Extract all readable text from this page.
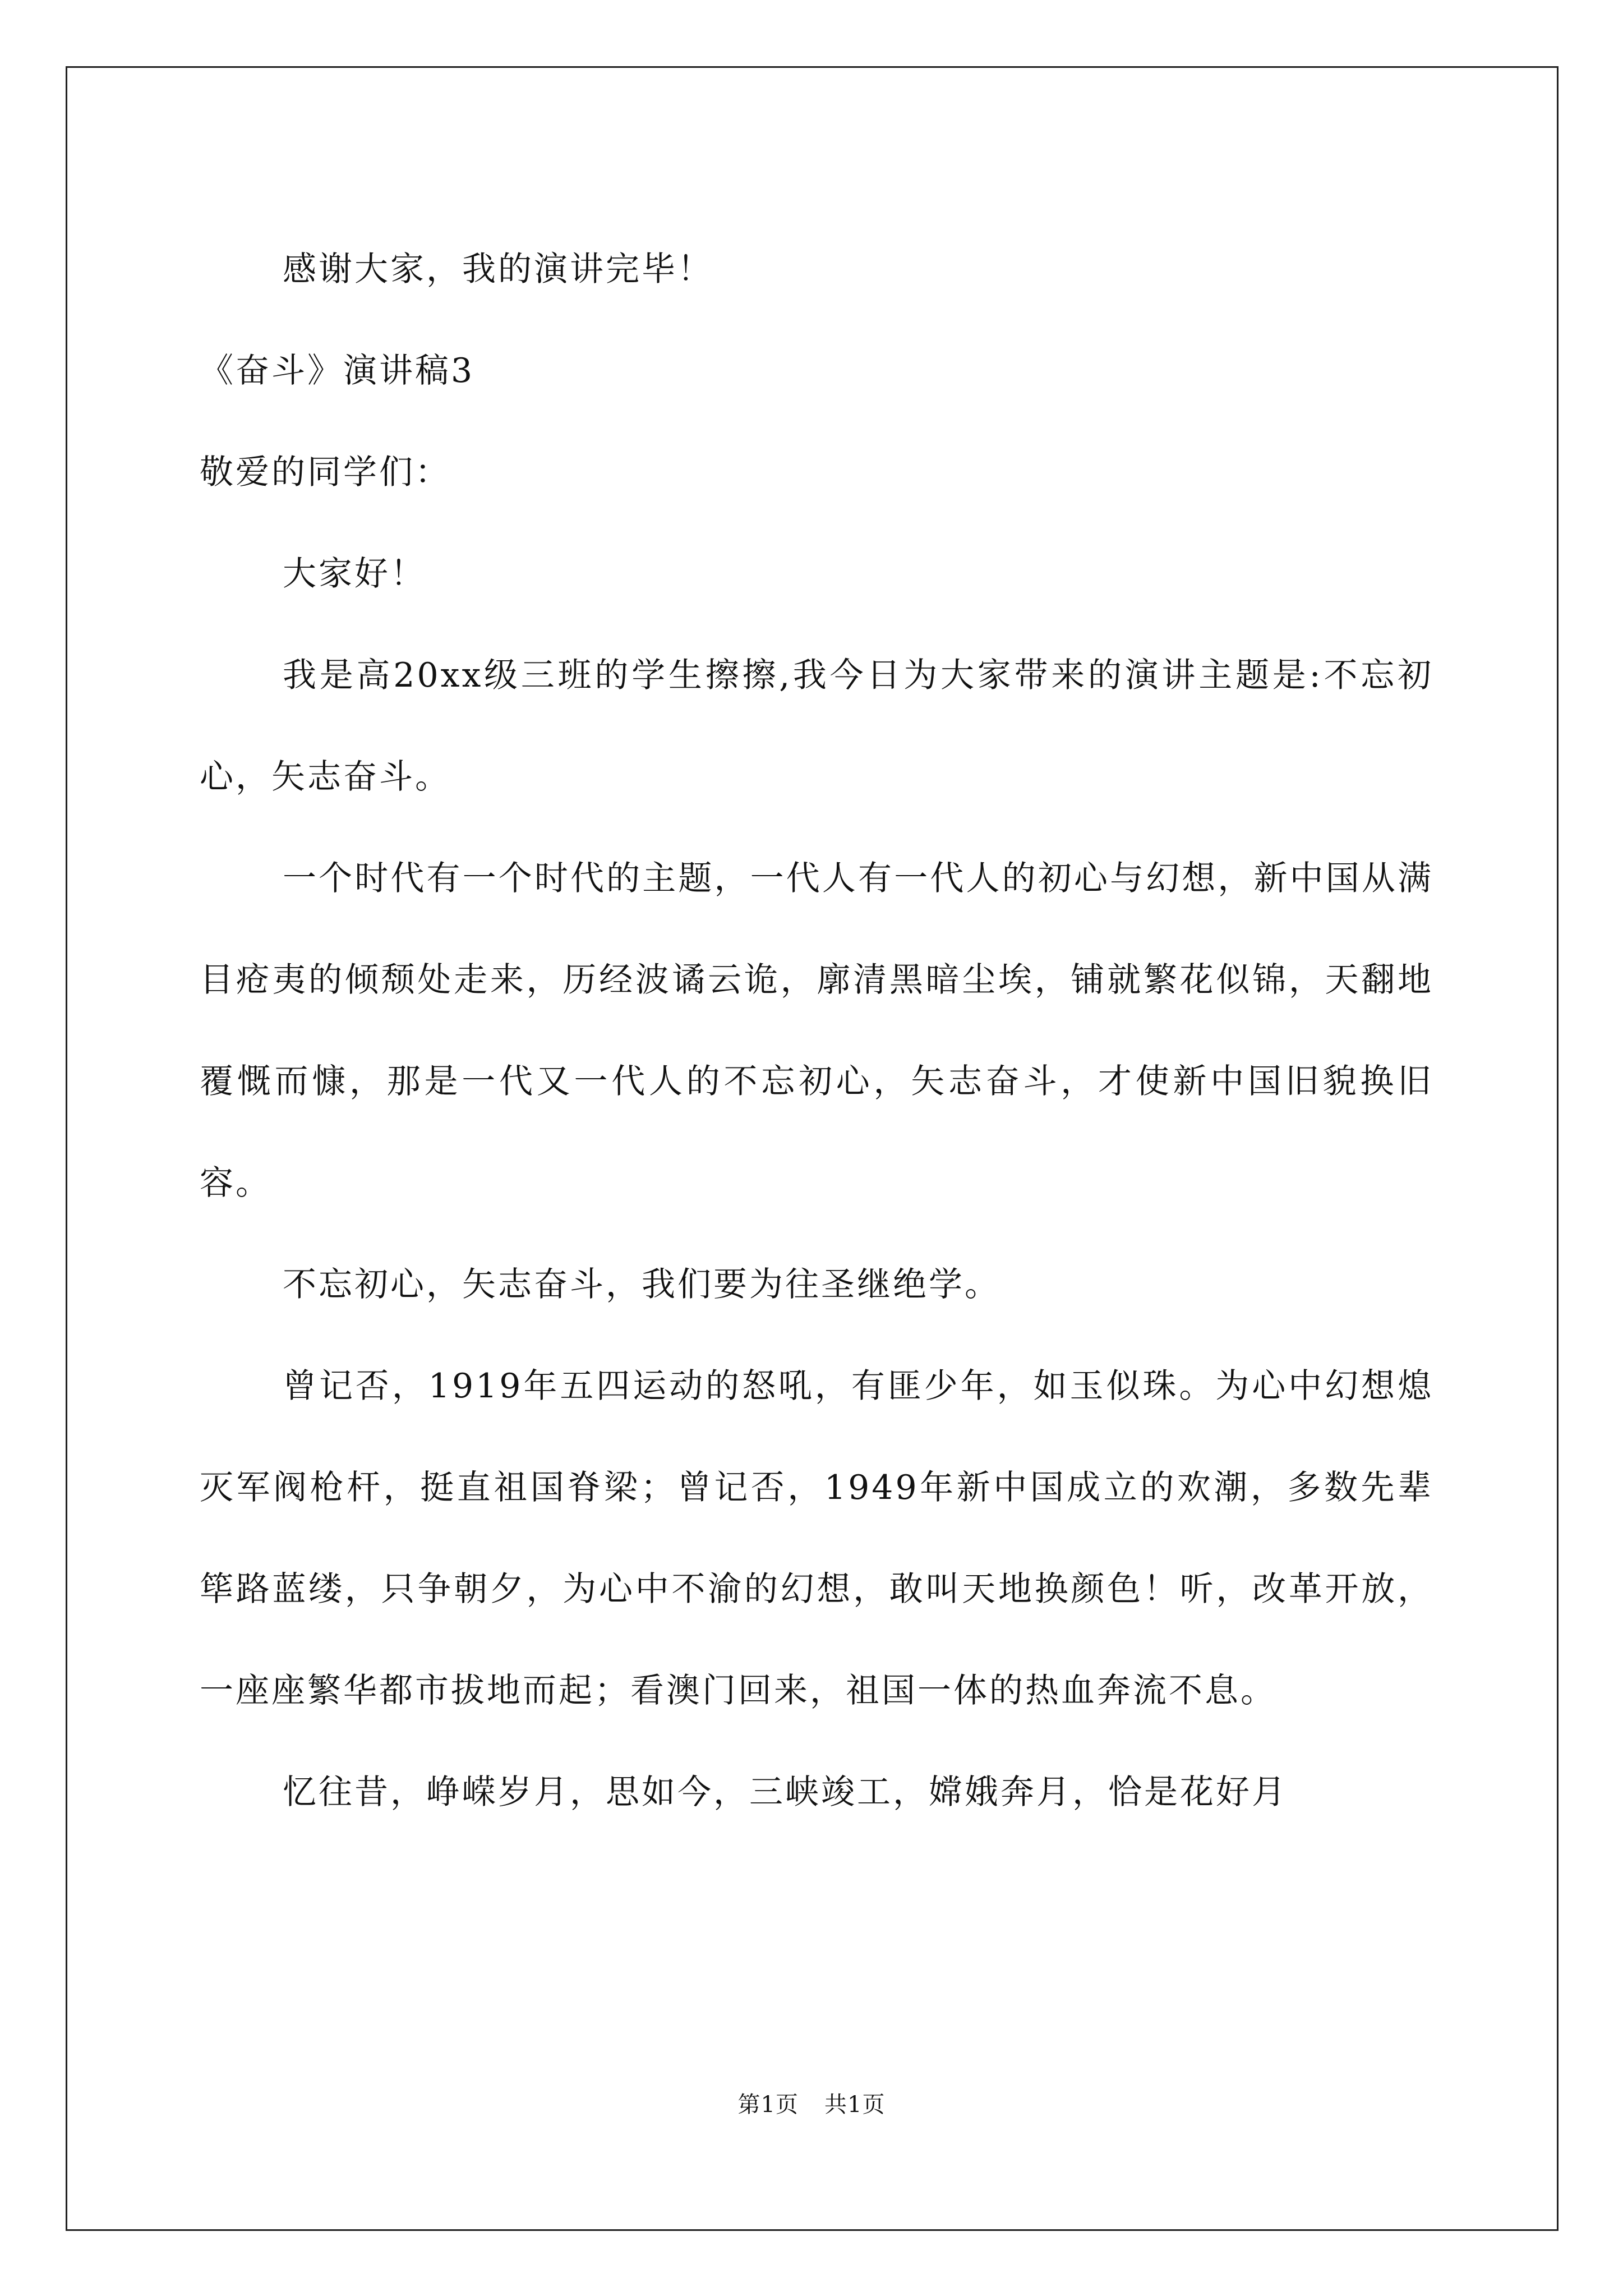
感谢大家，我的演讲完毕！

《奋斗》演讲稿3

敬爱的同学们：

大家好！

我是高20xx级三班的学生擦擦,我今日为大家带来的演讲主题是:不忘初心，矢志奋斗。

一个时代有一个时代的主题，一代人有一代人的初心与幻想，新中国从满目疮夷的倾颓处走来，历经波谲云诡，廓清黑暗尘埃，铺就繁花似锦，天翻地覆慨而慷，那是一代又一代人的不忘初心，矢志奋斗，才使新中国旧貌换旧容。

不忘初心，矢志奋斗，我们要为往圣继绝学。

曾记否，1919年五四运动的怒吼，有匪少年，如玉似珠。为心中幻想熄灭军阀枪杆，挺直祖国脊梁；曾记否，1949年新中国成立的欢潮，多数先辈筚路蓝缕，只争朝夕，为心中不渝的幻想，敢叫天地换颜色！听，改革开放，一座座繁华都市拔地而起；看澳门回来，祖国一体的热血奔流不息。

忆往昔，峥嵘岁月，思如今，三峡竣工，嫦娥奔月，恰是花好月

第1页 共1页
